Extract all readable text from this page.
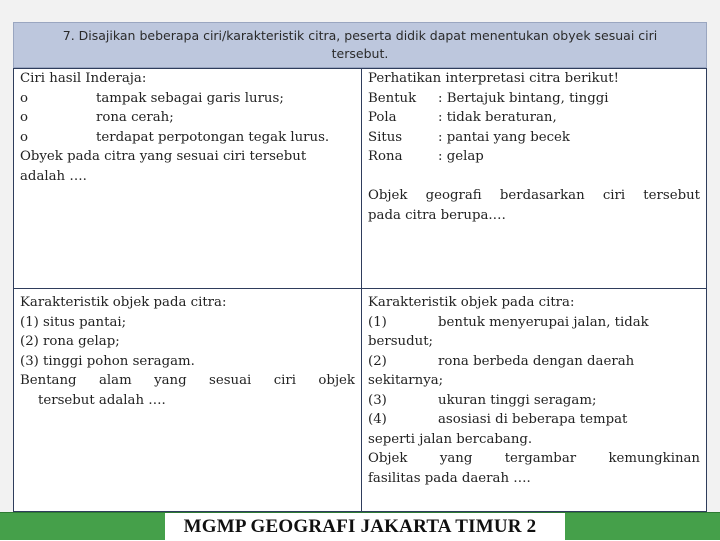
7. Disajikan beberapa ciri/karakteristik citra, peserta didik dapat menentukan obyek sesuai ciri
tersebut.
Ciri hasil Inderaja:
o	tampak sebagai garis lurus;
o	rona cerah;
o	terdapat perpotongan tegak lurus.
Obyek pada citra yang sesuai ciri tersebut
adalah ….
Perhatikan interpretasi citra berikut!
Bentuk	: Bertajuk bintang, tinggi
Pola	: tidak beraturan,
Situs	: pantai yang becek
Rona	: gelap
Objek geografi berdasarkan ciri tersebut
pada citra berupa.…
Karakteristik objek pada citra:
(1) situs pantai;
(2) rona gelap;
(3) tinggi pohon seragam.
Bentang alam yang sesuai ciri objek
tersebut adalah ….
Karakteristik objek pada citra:
(1)	bentuk menyerupai jalan, tidak
bersudut;
(2)	rona berbeda dengan daerah
sekitarnya;
(3)	ukuran tinggi seragam;
(4)	asosiasi di beberapa tempat
seperti jalan bercabang.
Objek yang tergambar kemungkinan
fasilitas pada daerah ….
MGMP GEOGRAFI JAKARTA TIMUR 2
